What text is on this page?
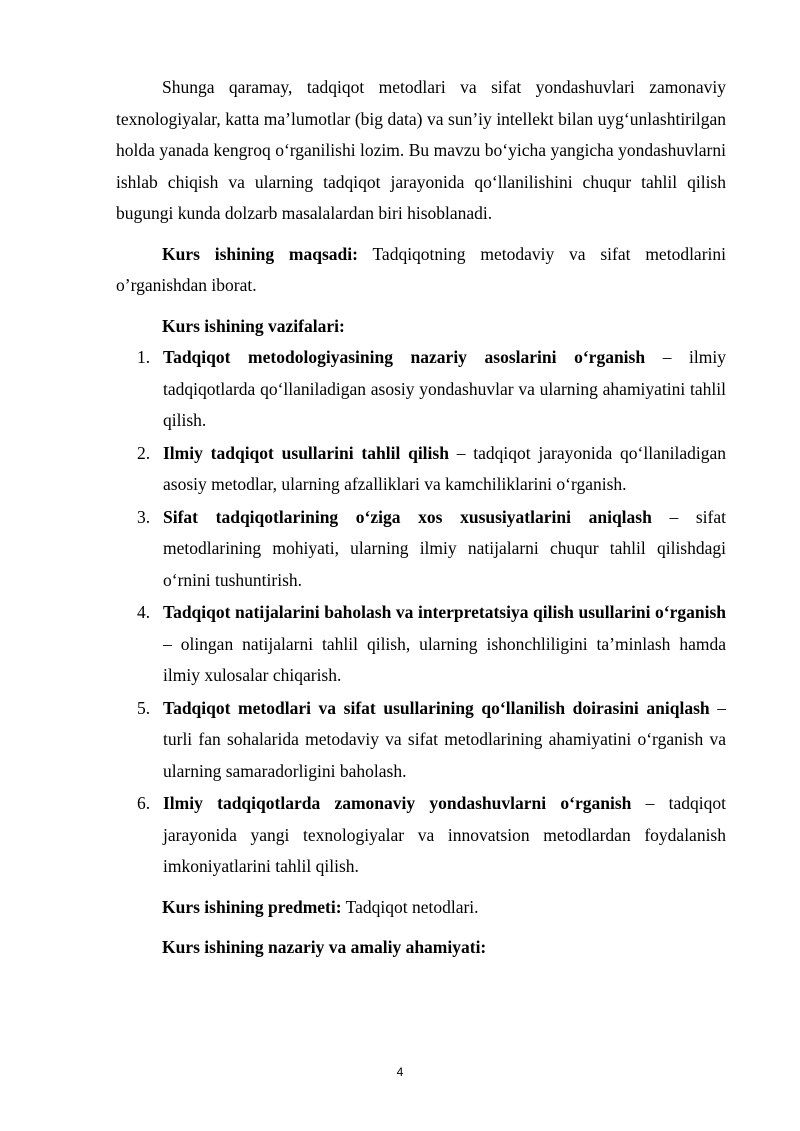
Shunga qaramay, tadqiqot metodlari va sifat yondashuvlari zamonaviy texnologiyalar, katta ma’lumotlar (big data) va sun’iy intellekt bilan uyg‘unlashtirilgan holda yanada kengroq o‘rganilishi lozim. Bu mavzu bo‘yicha yangicha yondashuvlarni ishlab chiqish va ularning tadqiqot jarayonida qo‘llanilishini chuqur tahlil qilish bugungi kunda dolzarb masalalardan biri hisoblanadi.

Kurs ishining maqsadi: Tadqiqotning metodaviy va sifat metodlarini o’rganishdan iborat.

Kurs ishining vazifalari:

1. Tadqiqot metodologiyasining nazariy asoslarini o‘rganish – ilmiy tadqiqotlarda qo‘llaniladigan asosiy yondashuvlar va ularning ahamiyatini tahlil qilish.
2. Ilmiy tadqiqot usullarini tahlil qilish – tadqiqot jarayonida qo‘llaniladigan asosiy metodlar, ularning afzalliklari va kamchiliklarini o‘rganish.
3. Sifat tadqiqotlarining o‘ziga xos xususiyatlarini aniqlash – sifat metodlarining mohiyati, ularning ilmiy natijalarni chuqur tahlil qilishdagi o‘rnini tushuntirish.
4. Tadqiqot natijalarini baholash va interpretatsiya qilish usullarini o‘rganish – olingan natijalarni tahlil qilish, ularning ishonchliligini ta’minlash hamda ilmiy xulosalar chiqarish.
5. Tadqiqot metodlari va sifat usullarining qo‘llanilish doirasini aniqlash – turli fan sohalarida metodaviy va sifat metodlarining ahamiyatini o‘rganish va ularning samaradorligini baholash.
6. Ilmiy tadqiqotlarda zamonaviy yondashuvlarni o‘rganish – tadqiqot jarayonida yangi texnologiyalar va innovatsion metodlardan foydalanish imkoniyatlarini tahlil qilish.

Kurs ishining predmeti: Tadqiqot netodlari.

Kurs ishining nazariy va amaliy ahamiyati:

4
